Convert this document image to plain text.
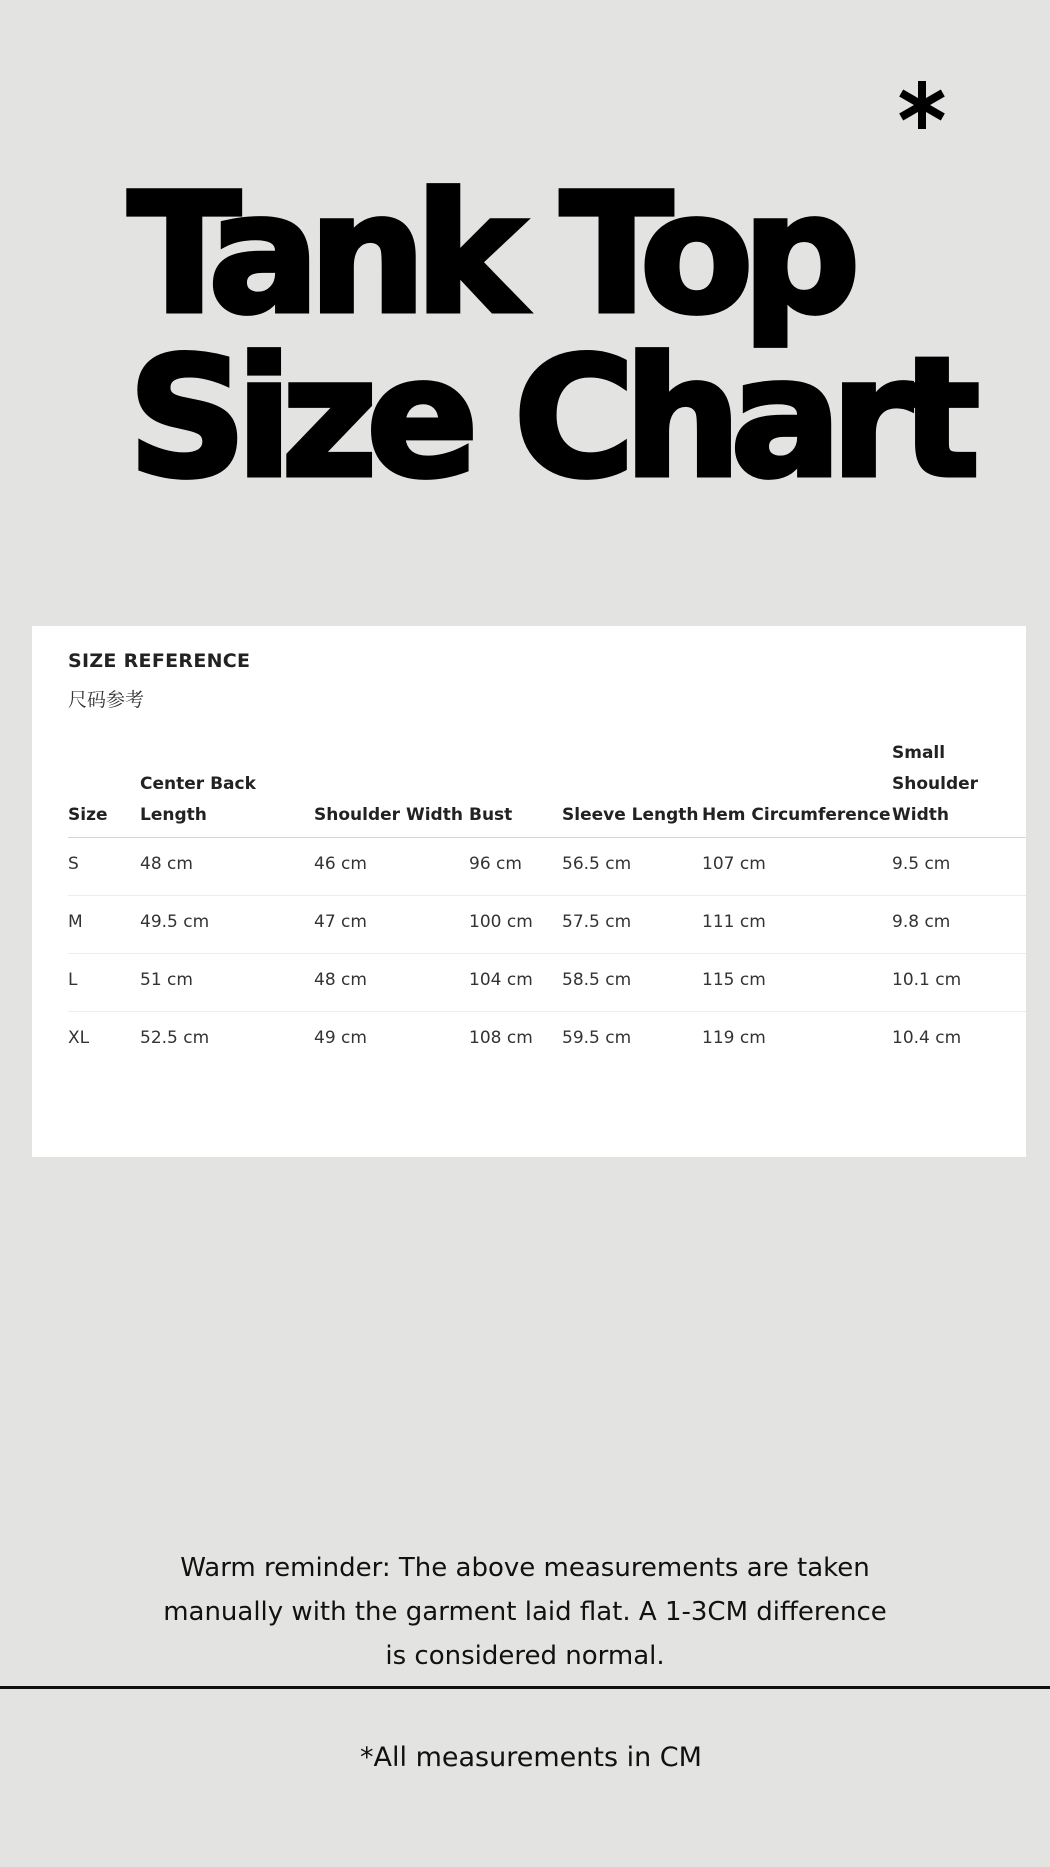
Tank Top
Size Chart
SIZE REFERENCE
尺码参考
Size	Center Back Length	Shoulder Width	Bust	Sleeve Length	Hem Circumference	Small Shoulder Width
S	48 cm	46 cm	96 cm	56.5 cm	107 cm	9.5 cm
M	49.5 cm	47 cm	100 cm	57.5 cm	111 cm	9.8 cm
L	51 cm	48 cm	104 cm	58.5 cm	115 cm	10.1 cm
XL	52.5 cm	49 cm	108 cm	59.5 cm	119 cm	10.4 cm

Warm reminder: The above measurements are taken manually with the garment laid flat. A 1-3CM difference is considered normal.

*All measurements in CM
